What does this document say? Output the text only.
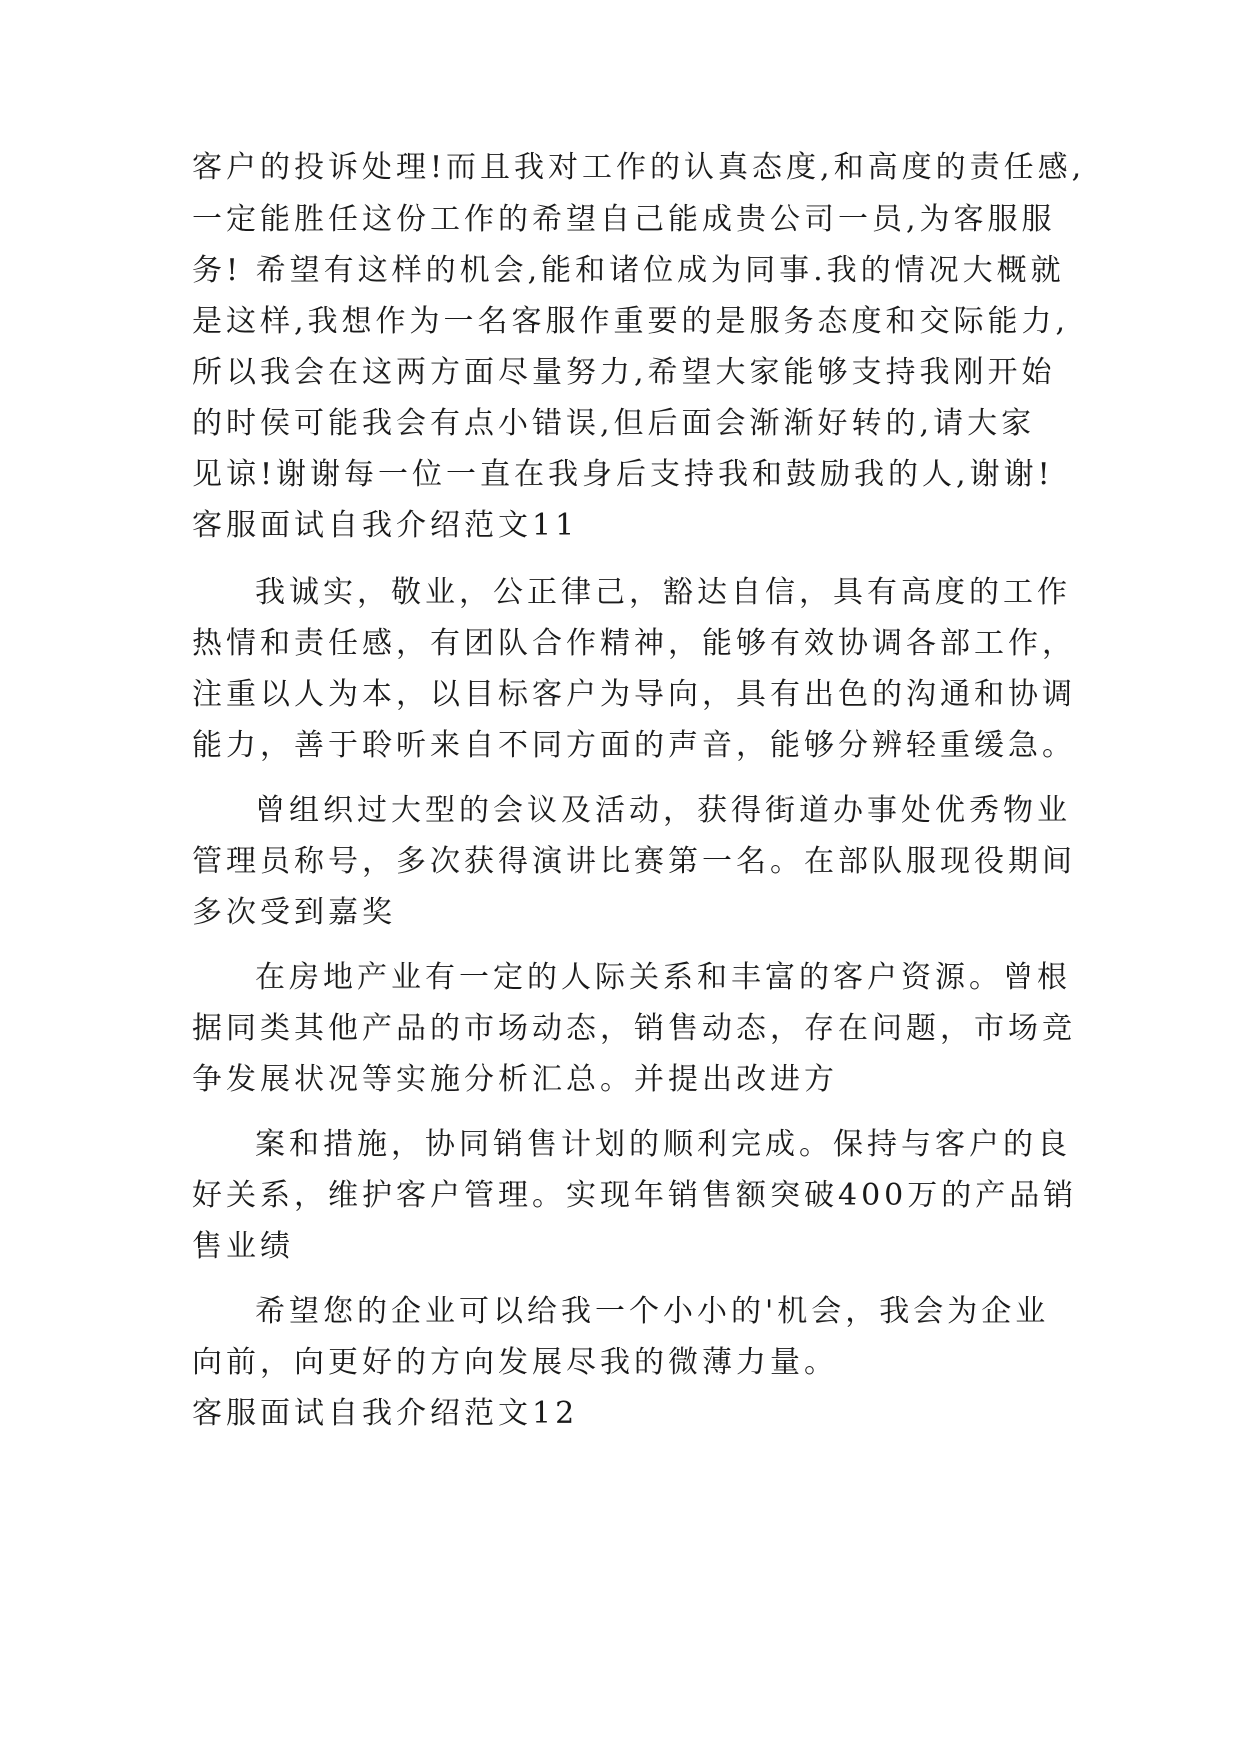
客户的投诉处理!而且我对工作的认真态度,和高度的责任感,
一定能胜任这份工作的希望自己能成贵公司一员,为客服服
务! 希望有这样的机会,能和诸位成为同事.我的情况大概就
是这样,我想作为一名客服作重要的是服务态度和交际能力,
所以我会在这两方面尽量努力,希望大家能够支持我刚开始
的时侯可能我会有点小错误,但后面会渐渐好转的,请大家
见谅!谢谢每一位一直在我身后支持我和鼓励我的人,谢谢!
客服面试自我介绍范文11
我诚实，敬业，公正律己，豁达自信，具有高度的工作
热情和责任感，有团队合作精神，能够有效协调各部工作，
注重以人为本，以目标客户为导向，具有出色的沟通和协调
能力，善于聆听来自不同方面的声音，能够分辨轻重缓急。
曾组织过大型的会议及活动，获得街道办事处优秀物业
管理员称号，多次获得演讲比赛第一名。在部队服现役期间
多次受到嘉奖
在房地产业有一定的人际关系和丰富的客户资源。曾根
据同类其他产品的市场动态，销售动态，存在问题，市场竞
争发展状况等实施分析汇总。并提出改进方
案和措施，协同销售计划的顺利完成。保持与客户的良
好关系，维护客户管理。实现年销售额突破400万的产品销
售业绩
希望您的企业可以给我一个小小的'机会，我会为企业
向前，向更好的方向发展尽我的微薄力量。
客服面试自我介绍范文12
